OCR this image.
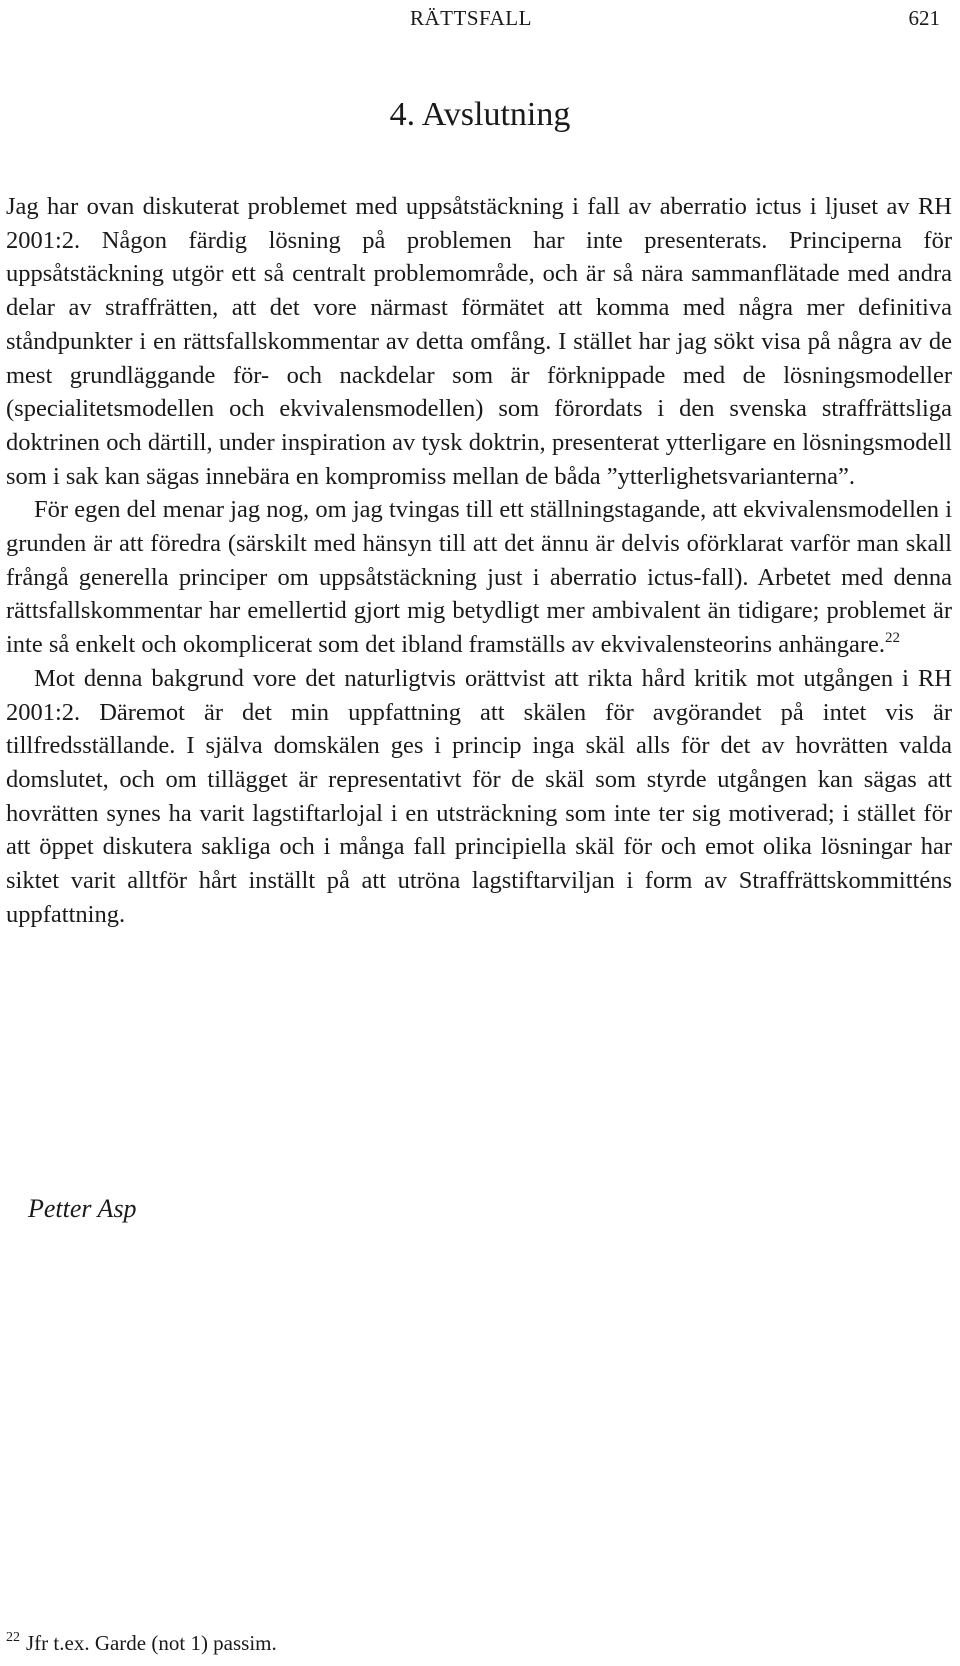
RÄTTSFALL	621
4. Avslutning

Jag har ovan diskuterat problemet med uppsåtstäckning i fall av aberratio ictus i ljuset av RH 2001:2. Någon färdig lösning på problemen har inte presenterats. Principerna för uppsåtstäckning utgör ett så centralt problemområde, och är så nära sammanflätade med andra delar av straffrätten, att det vore närmast förmätet att komma med några mer definitiva ståndpunkter i en rättsfallskommentar av detta omfång. I stället har jag sökt visa på några av de mest grundläggande för- och nackdelar som är förknippade med de lösningsmodeller (specialitetsmodellen och ekvivalensmodellen) som förordats i den svenska straffrättsliga doktrinen och därtill, under inspiration av tysk doktrin, presenterat ytterligare en lösningsmodell som i sak kan sägas innebära en kompromiss mellan de båda ”ytterlighetsvarianterna”.

För egen del menar jag nog, om jag tvingas till ett ställningstagande, att ekvivalensmodellen i grunden är att föredra (särskilt med hänsyn till att det ännu är delvis oförklarat varför man skall frångå generella principer om uppsåtstäckning just i aberratio ictus-fall). Arbetet med denna rättsfallskommentar har emellertid gjort mig betydligt mer ambivalent än tidigare; problemet är inte så enkelt och okomplicerat som det ibland framställs av ekvivalensteorins anhängare.$^{22}$

Mot denna bakgrund vore det naturligtvis orättvist att rikta hård kritik mot utgången i RH 2001:2. Däremot är det min uppfattning att skälen för avgörandet på intet vis är tillfredsställande. I själva domskälen ges i princip inga skäl alls för det av hovrätten valda domslutet, och om tillägget är representativt för de skäl som styrde utgången kan sägas att hovrätten synes ha varit lagstiftarlojal i en utsträckning som inte ter sig motiverad; i stället för att öppet diskutera sakliga och i många fall principiella skäl för och emot olika lösningar har siktet varit alltför hårt inställt på att utröna lagstiftarviljan i form av Straffrättskommitténs uppfattning.

Petter Asp
$^{22}$ Jfr t.ex. Garde (not 1) passim.
